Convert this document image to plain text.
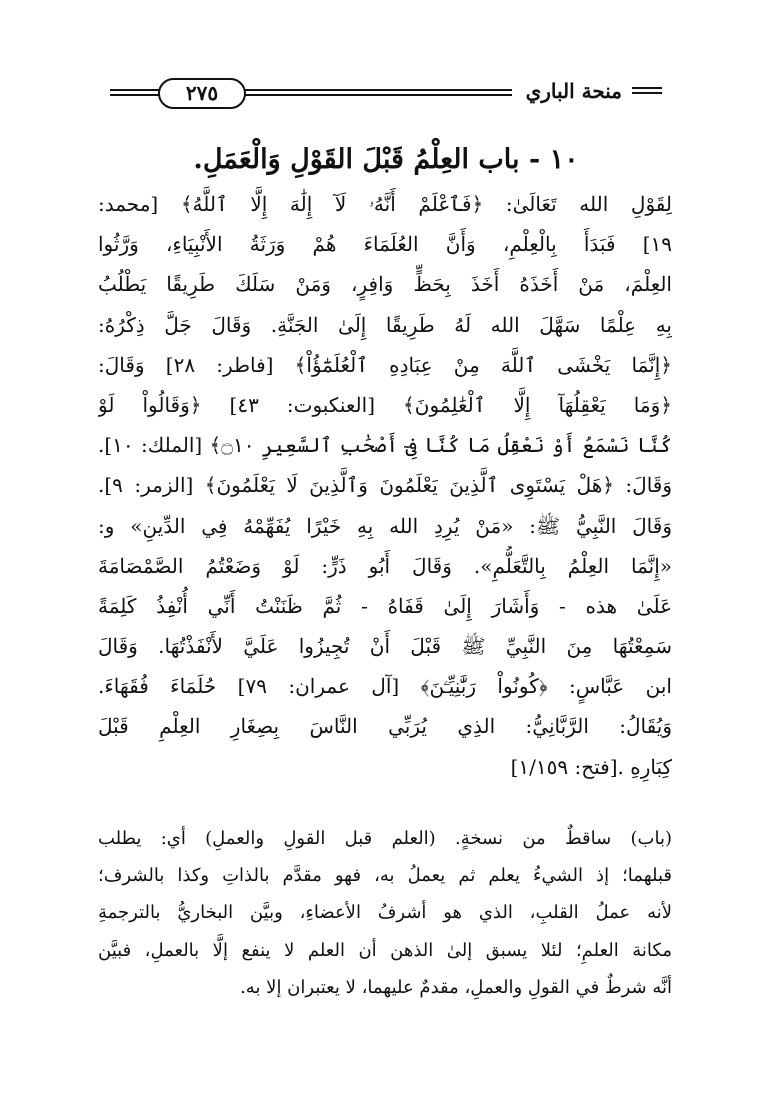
منحة الباري
٢٧٥
١٠ - باب العِلْمُ قَبْلَ القَوْلِ وَالْعَمَلِ.
لِقَوْلِ الله تَعَالَىٰ: ﴿فَٱعْلَمْ أَنَّهُۥ لَآ إِلَٰهَ إِلَّا ٱللَّهُ﴾ [محمد:
١٩] فَبَدَأَ بِالْعِلْمِ، وَأَنَّ العُلَمَاءَ هُمْ وَرَثَةُ الأَنْبِيَاءِ، وَرَّثُوا
العِلْمَ، مَنْ أَخَذَهُ أَخَذَ بِحَظٍّ وَافِرٍ، وَمَنْ سَلَكَ طَرِيقًا يَطْلُبُ
بِهِ عِلْمًا سَهَّلَ الله لَهُ طَرِيقًا إِلَىٰ الجَنَّةِ. وَقَالَ جَلَّ ذِكْرُهُ:
﴿إِنَّمَا يَخْشَى ٱللَّهَ مِنْ عِبَادِهِ ٱلْعُلَمَٰٓؤُاْ﴾ [فاطر: ٢٨] وَقَالَ:
﴿وَمَا يَعْقِلُهَآ إِلَّا ٱلْعَٰلِمُونَ﴾ [العنكبوت: ٤٣] ﴿وَقَالُواْ لَوْ
كُنَّا نَسْمَعُ أَوْ نَعْقِلُ مَا كُنَّا فِىٓ أَصْحَٰبِ ٱلسَّعِيرِ ۝١٠﴾ [الملك: ١٠].
وَقَالَ: ﴿هَلْ يَسْتَوِى ٱلَّذِينَ يَعْلَمُونَ وَٱلَّذِينَ لَا يَعْلَمُونَ﴾ [الزمر: ٩].
وَقَالَ النَّبِيُّ ﷺ: «مَنْ يُرِدِ الله بِهِ خَيْرًا يُفَهِّمْهُ فِي الدِّينِ» و:
«إِنَّمَا العِلْمُ بِالتَّعَلُّمِ». وَقَالَ أَبُو ذَرٍّ: لَوْ وَضَعْتُمُ الصَّمْصَامَةَ
عَلَىٰ هذه - وَأَشَارَ إِلَىٰ قَفَاهُ - ثُمَّ ظَنَنْتُ أَنِّي أُنْفِذُ كَلِمَةً
سَمِعْتُهَا مِنَ النَّبِيِّ ﷺ قَبْلَ أَنْ تُجِيزُوا عَلَيَّ لأَنْفَذْتُهَا. وَقَالَ
ابن عَبَّاسٍ: ﴿كُونُواْ رَبَّٰنِيِّـۧنَ﴾ [آل عمران: ٧٩] حُلَمَاءَ فُقَهَاءَ.
وَيُقَالُ: الرَّبَّانِيُّ: الذِي يُرَبِّي النَّاسَ بِصِغَارِ العِلْمِ قَبْلَ
كِبَارِهِ .[فتح: ١/١٥٩]
(باب) ساقطٌ من نسخةٍ. (العلم قبل القولِ والعملِ) أي: يطلب
قبلهما؛ إذ الشيءُ يعلم ثم يعملُ به، فهو مقدَّم بالذاتِ وكذا بالشرف؛
لأنه عملُ القلبِ، الذي هو أشرفُ الأعضاءِ، وبيَّن البخاريُّ بالترجمةِ
مكانة العلمِ؛ لئلا يسبق إلىٰ الذهن أن العلم لا ينفع إلَّا بالعملِ، فبيَّن
أنَّه شرطٌ في القولِ والعملِ، مقدمٌ عليهما، لا يعتبران إلا به.
